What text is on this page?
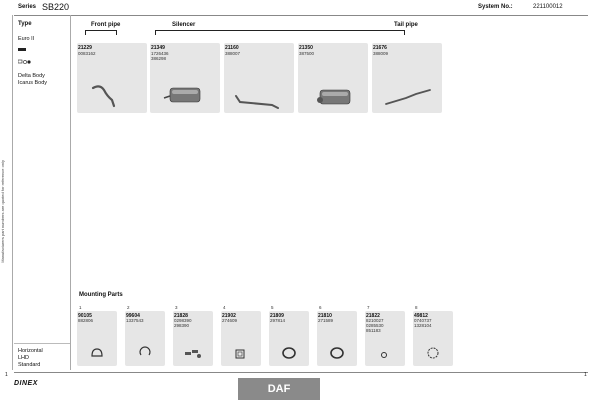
Series SB220	System No.:	221100012
Manufacturers part numbers are quoted for reference only
Type
Euro II
Delta Body
Icarus Body
Front pipe	Silencer	Tail pipe
21229
0083162
21349
1726436
386298
21160
388007
21350
387500
21676
388009
Mounting Parts
1
90105
882806
2
99604
1337543
3
21828
0298390
298390
4
21902
274609
5
21809
297814
6
21810
271589
7
21822
8210027
0285530
851183
8
49812
0740737
1328104
Horizontal
LHD
Standard
1	1
DINEX	DAF
